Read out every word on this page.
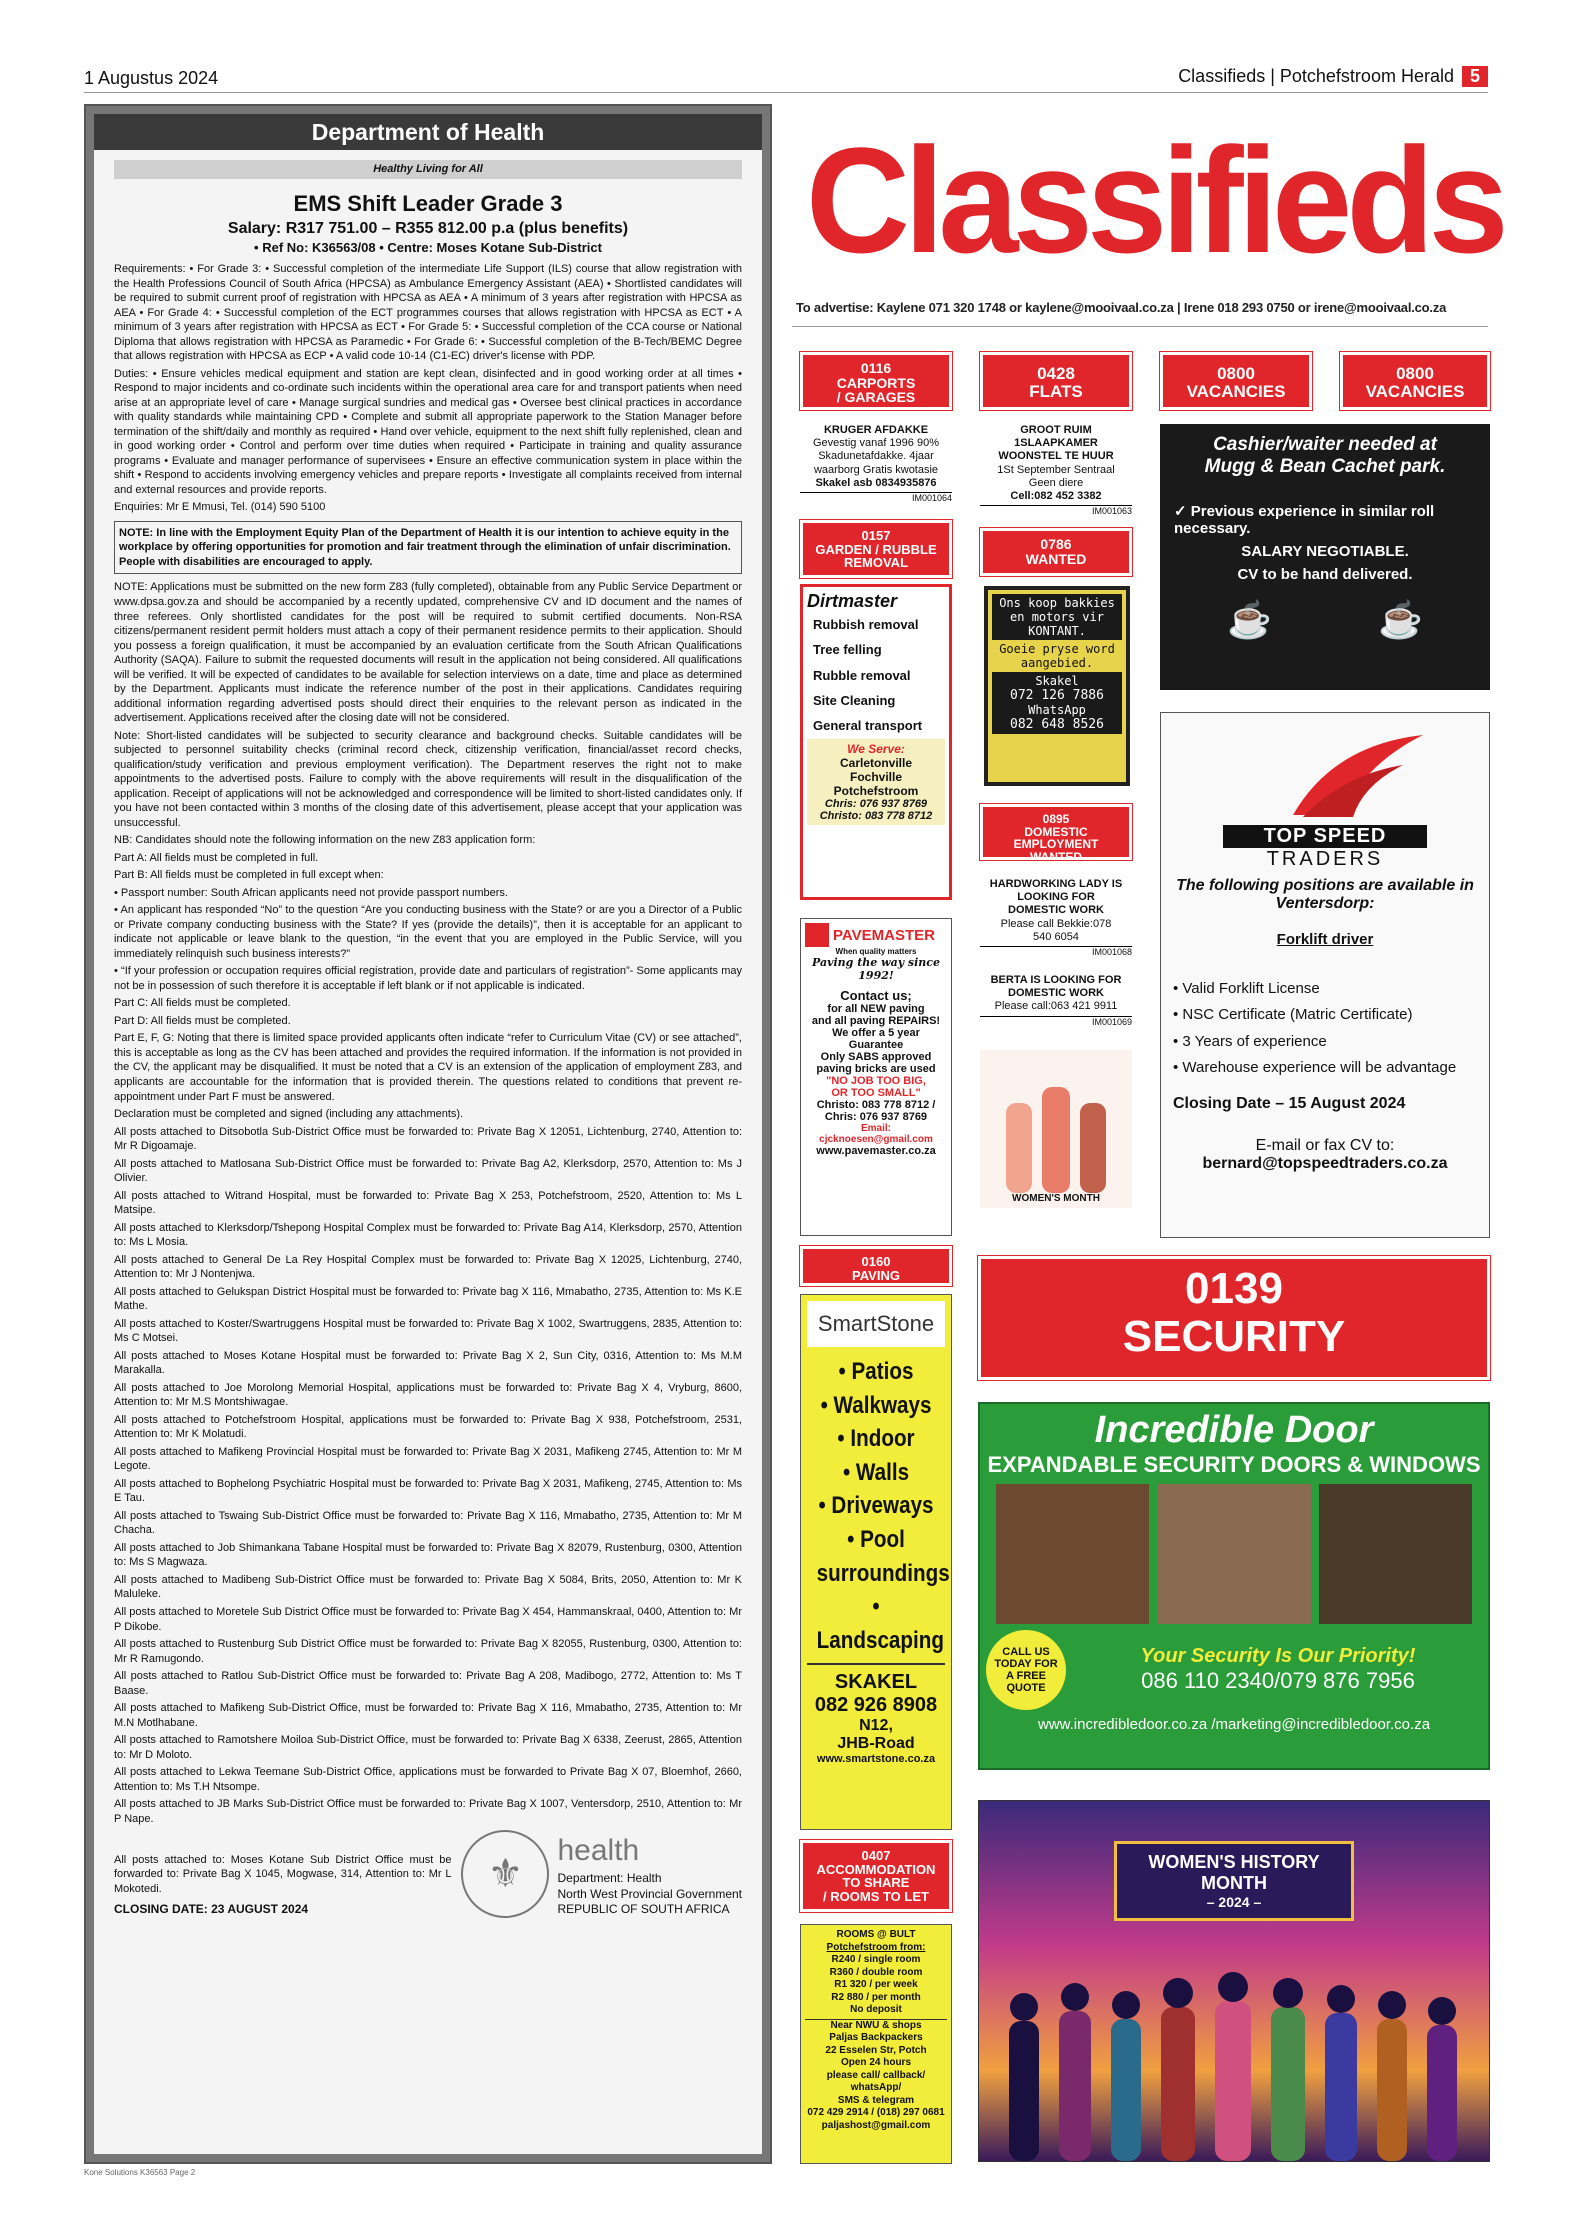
1 Augustus 2024	Classifieds | Potchefstroom Herald 5
Department of Health
Healthy Living for All
EMS Shift Leader Grade 3
Salary: R317 751.00 – R355 812.00 p.a (plus benefits)
• Ref No: K36563/08 • Centre: Moses Kotane Sub-District

Requirements: • For Grade 3: • Successful completion of the intermediate Life Support (ILS) course that allow registration with the Health Professions Council of South Africa (HPCSA) as Ambulance Emergency Assistant (AEA) • Shortlisted candidates will be required to submit current proof of registration with HPCSA as AEA • A minimum of 3 years after registration with HPCSA as AEA • For Grade 4: • Successful completion of the ECT programmes courses that allows registration with HPCSA as ECT • A minimum of 3 years after registration with HPCSA as ECT • For Grade 5: • Successful completion of the CCA course or National Diploma that allows registration with HPCSA as Paramedic • For Grade 6: • Successful completion of the B-Tech/BEMC Degree that allows registration with HPCSA as ECP • A valid code 10-14 (C1-EC) driver's license with PDP.

Duties: • Ensure vehicles medical equipment and station are kept clean, disinfected and in good working order at all times • Respond to major incidents and co-ordinate such incidents within the operational area care for and transport patients when need arise at an appropriate level of care • Manage surgical sundries and medical gas • Oversee best clinical practices in accordance with quality standards while maintaining CPD • Complete and submit all appropriate paperwork to the Station Manager before termination of the shift/daily and monthly as required • Hand over vehicle, equipment to the next shift fully replenished, clean and in good working order • Control and perform over time duties when required • Participate in training and quality assurance programs • Evaluate and manager performance of supervisees • Ensure an effective communication system in place within the shift • Respond to accidents involving emergency vehicles and prepare reports • Investigate all complaints received from internal and external resources and provide reports.

Enquiries: Mr E Mmusi, Tel. (014) 590 5100

NOTE: In line with the Employment Equity Plan of the Department of Health it is our intention to achieve equity in the workplace by offering opportunities for promotion and fair treatment through the elimination of unfair discrimination. People with disabilities are encouraged to apply.

NOTE: Applications must be submitted on the new form Z83 (fully completed), obtainable from any Public Service Department or www.dpsa.gov.za and should be accompanied by a recently updated, comprehensive CV and ID document and the names of three referees. Only shortlisted candidates for the post will be required to submit certified documents. Non-RSA citizens/permanent resident permit holders must attach a copy of their permanent residence permits to their application. Should you possess a foreign qualification, it must be accompanied by an evaluation certificate from the South African Qualifications Authority (SAQA). Failure to submit the requested documents will result in the application not being considered. All qualifications will be verified. It will be expected of candidates to be available for selection interviews on a date, time and place as determined by the Department. Applicants must indicate the reference number of the post in their applications. Candidates requiring additional information regarding advertised posts should direct their enquiries to the relevant person as indicated in the advertisement. Applications received after the closing date will not be considered.

Note: Short-listed candidates will be subjected to security clearance and background checks. Suitable candidates will be subjected to personnel suitability checks (criminal record check, citizenship verification, financial/asset record checks, qualification/study verification and previous employment verification). The Department reserves the right not to make appointments to the advertised posts. Failure to comply with the above requirements will result in the disqualification of the application. Receipt of applications will not be acknowledged and correspondence will be limited to short-listed candidates only. If you have not been contacted within 3 months of the closing date of this advertisement, please accept that your application was unsuccessful.

NB: Candidates should note the following information on the new Z83 application form:

Part A: All fields must be completed in full.

Part B: All fields must be completed in full except when:

• Passport number: South African applicants need not provide passport numbers.

• An applicant has responded “No” to the question “Are you conducting business with the State? or are you a Director of a Public or Private company conducting business with the State? If yes (provide the details)”, then it is acceptable for an applicant to indicate not applicable or leave blank to the question, “in the event that you are employed in the Public Service, will you immediately relinquish such business interests?”

• “If your profession or occupation requires official registration, provide date and particulars of registration”- Some applicants may not be in possession of such therefore it is acceptable if left blank or if not applicable is indicated.

Part C: All fields must be completed.

Part D: All fields must be completed.

Part E, F, G: Noting that there is limited space provided applicants often indicate “refer to Curriculum Vitae (CV) or see attached”, this is acceptable as long as the CV has been attached and provides the required information. If the information is not provided in the CV, the applicant may be disqualified. It must be noted that a CV is an extension of the application of employment Z83, and applicants are accountable for the information that is provided therein. The questions related to conditions that prevent re-appointment under Part F must be answered.

Declaration must be completed and signed (including any attachments).

All posts attached to Ditsobotla Sub-District Office must be forwarded to: Private Bag X 12051, Lichtenburg, 2740, Attention to: Mr R Digoamaje.

All posts attached to Matlosana Sub-District Office must be forwarded to: Private Bag A2, Klerksdorp, 2570, Attention to: Ms J Olivier.

All posts attached to Witrand Hospital, must be forwarded to: Private Bag X 253, Potchefstroom, 2520, Attention to: Ms L Matsipe.

All posts attached to Klerksdorp/Tshepong Hospital Complex must be forwarded to: Private Bag A14, Klerksdorp, 2570, Attention to: Ms L Mosia.

All posts attached to General De La Rey Hospital Complex must be forwarded to: Private Bag X 12025, Lichtenburg, 2740, Attention to: Mr J Nontenjwa.

All posts attached to Gelukspan District Hospital must be forwarded to: Private bag X 116, Mmabatho, 2735, Attention to: Ms K.E Mathe.

All posts attached to Koster/Swartruggens Hospital must be forwarded to: Private Bag X 1002, Swartruggens, 2835, Attention to: Ms C Motsei.

All posts attached to Moses Kotane Hospital must be forwarded to: Private Bag X 2, Sun City, 0316, Attention to: Ms M.M Marakalla.

All posts attached to Joe Morolong Memorial Hospital, applications must be forwarded to: Private Bag X 4, Vryburg, 8600, Attention to: Mr M.S Montshiwagae.

All posts attached to Potchefstroom Hospital, applications must be forwarded to: Private Bag X 938, Potchefstroom, 2531, Attention to: Mr K Molatudi.

All posts attached to Mafikeng Provincial Hospital must be forwarded to: Private Bag X 2031, Mafikeng 2745, Attention to: Mr M Legote.

All posts attached to Bophelong Psychiatric Hospital must be forwarded to: Private Bag X 2031, Mafikeng, 2745, Attention to: Ms E Tau.

All posts attached to Tswaing Sub-District Office must be forwarded to: Private Bag X 116, Mmabatho, 2735, Attention to: Mr M Chacha.

All posts attached to Job Shimankana Tabane Hospital must be forwarded to: Private Bag X 82079, Rustenburg, 0300, Attention to: Ms S Magwaza.

All posts attached to Madibeng Sub-District Office must be forwarded to: Private Bag X 5084, Brits, 2050, Attention to: Mr K Maluleke.

All posts attached to Moretele Sub District Office must be forwarded to: Private Bag X 454, Hammanskraal, 0400, Attention to: Mr P Dikobe.

All posts attached to Rustenburg Sub District Office must be forwarded to: Private Bag X 82055, Rustenburg, 0300, Attention to: Mr R Ramugondo.

All posts attached to Ratlou Sub-District Office must be forwarded to: Private Bag A 208, Madibogo, 2772, Attention to: Ms T Baase.

All posts attached to Mafikeng Sub-District Office, must be forwarded to: Private Bag X 116, Mmabatho, 2735, Attention to: Mr M.N Motlhabane.

All posts attached to Ramotshere Moiloa Sub-District Office, must be forwarded to: Private Bag X 6338, Zeerust, 2865, Attention to: Mr D Moloto.

All posts attached to Lekwa Teemane Sub-District Office, applications must be forwarded to Private Bag X 07, Bloemhof, 2660, Attention to: Ms T.H Ntsompe.

All posts attached to JB Marks Sub-District Office must be forwarded to: Private Bag X 1007, Ventersdorp, 2510, Attention to: Mr P Nape.

All posts attached to: Moses Kotane Sub District Office must be forwarded to: Private Bag X 1045, Mogwase, 314, Attention to: Mr L Mokotedi.

CLOSING DATE: 23 AUGUST 2024
⚜
health
Department: Health
North West Provincial Government
REPUBLIC OF SOUTH AFRICA
Kone Solutions K36563 Page 2
Classifieds
To advertise: Kaylene 071 320 1748 or kaylene@mooivaal.co.za | Irene 018 293 0750 or irene@mooivaal.co.za
0116
CARPORTS
/ GARAGES
0428
FLATS
0800
VACANCIES
0800
VACANCIES
KRUGER AFDAKKE
Gevestig vanaf 1996 90%
Skadunetafdakke. 4jaar
waarborg Gratis kwotasie
Skakel asb 0834935876
IM001064
GROOT RUIM
1SLAAPKAMER
WOONSTEL TE HUUR
1St September Sentraal
Geen diere
Cell:082 452 3382
IM001063
Cashier/waiter needed at
Mugg & Bean Cachet park.
✓ Previous experience in similar roll necessary.
SALARY NEGOTIABLE.
CV to be hand delivered.
☕	☕
0157
GARDEN / RUBBLE
REMOVAL
0786
WANTED
Dirtmaster
Rubbish removal
Tree felling
Rubble removal
Site Cleaning
General transport
We Serve:
Carletonville
Fochville
Potchefstroom
Chris: 076 937 8769
Christo: 083 778 8712
Ons koop bakkies
en motors vir
KONTANT.
Goeie pryse word
aangebied.
Skakel
072 126 7886
WhatsApp
082 648 8526
TOP SPEED
TRADERS
The following positions are available in Ventersdorp:
Forklift driver
• Valid Forklift License
• NSC Certificate (Matric Certificate)
• 3 Years of experience
• Warehouse experience will be advantage
Closing Date – 15 August 2024
E-mail or fax CV to:
bernard@topspeedtraders.co.za
0895
DOMESTIC
EMPLOYMENT
WANTED
HARDWORKING LADY IS
LOOKING FOR
DOMESTIC WORK
Please call Bekkie:078
540 6054
IM001068
BERTA IS LOOKING FOR
DOMESTIC WORK
Please call:063 421 9911
IM001069
WOMEN'S MONTH
PAVEMASTER
When quality matters
Paving the way since 1992!
Contact us;
for all NEW paving
and all paving REPAIRS!
We offer a 5 year
Guarantee
Only SABS approved
paving bricks are used
"NO JOB TOO BIG,
OR TOO SMALL"
Christo: 083 778 8712 /
Chris: 076 937 8769
Email: cjcknoesen@gmail.com
www.pavemaster.co.za
0160
PAVING
SmartStone
• Patios
• Walkways
• Indoor
• Walls
• Driveways
• Pool
surroundings
• Landscaping
SKAKEL
082 926 8908
N12,
JHB-Road
www.smartstone.co.za
0139
SECURITY
Incredible Door
EXPANDABLE SECURITY DOORS & WINDOWS
CALL US TODAY FOR A FREE QUOTE
Your Security Is Our Priority!
086 110 2340/079 876 7956
www.incredibledoor.co.za /marketing@incredibledoor.co.za
0407
ACCOMMODATION
TO SHARE
/ ROOMS TO LET
ROOMS @ BULT
Potchefstroom from:
R240 / single room
R360 / double room
R1 320 / per week
R2 880 / per month
No deposit
Near NWU & shops
Paljas Backpackers
22 Esselen Str, Potch
Open 24 hours
please call/ callback/ whatsApp/
SMS & telegram
072 429 2914 / (018) 297 0681
paljashost@gmail.com
WOMEN'S HISTORY MONTH
– 2024 –
